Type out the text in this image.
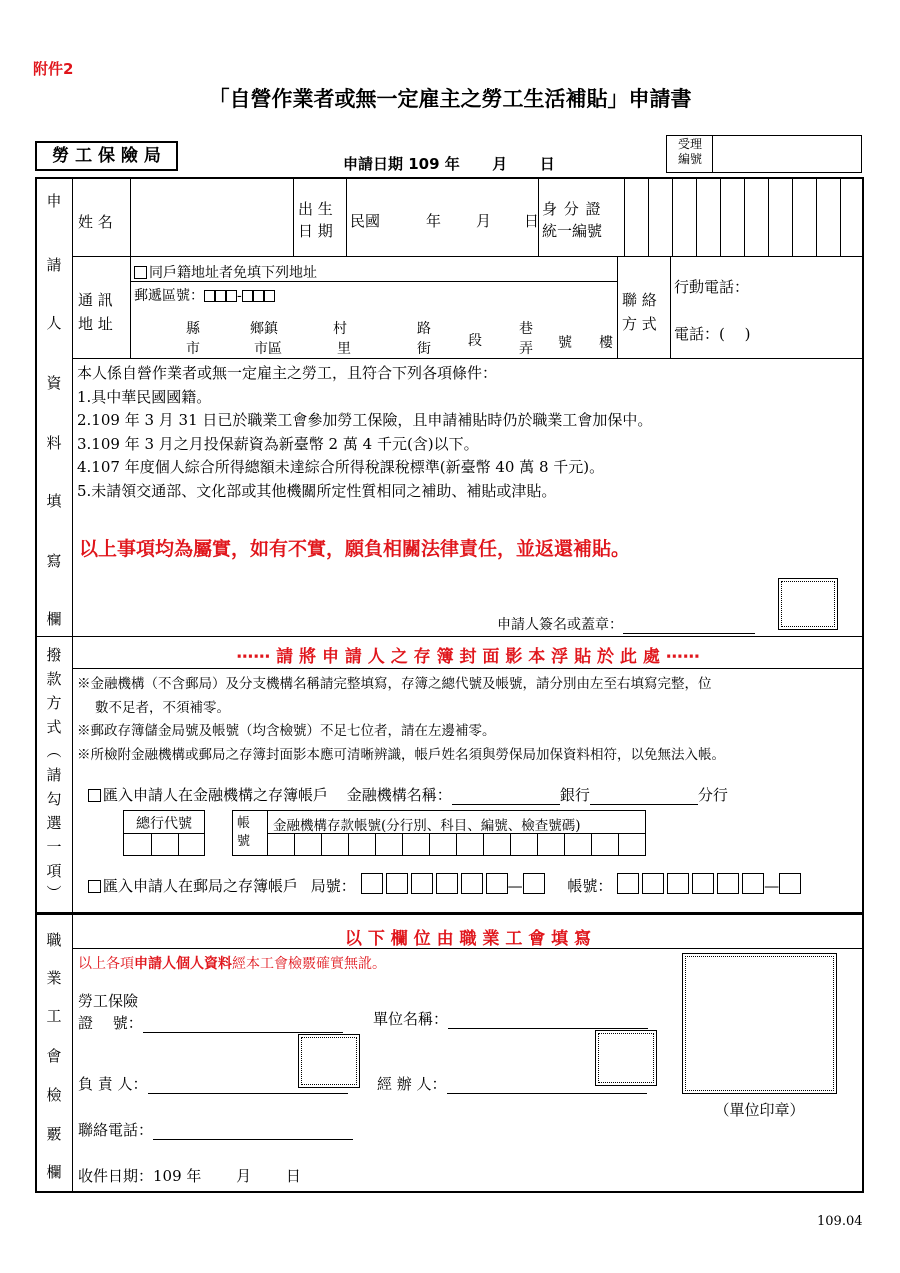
附件2
「自營作業者或無一定雇主之勞工生活補貼」申請書
勞 工 保 險 局	申請日期 109 年 月 日
受理
編號
申
請
人
資
料
填
寫
欄
姓 名
出 生
日 期
民國	年 月 日
身 分 證
統一編號
通 訊
地 址
同戶籍地址者免填下列地址
郵遞區號： -
縣	鄉鎮	村	路	巷
市	市區	里	街	段	弄 號 樓
聯 絡
方 式
行動電話：
電話：(　 )
本人係自營作業者或無一定雇主之勞工，且符合下列各項條件：
1.具中華民國國籍。
2.109 年 3 月 31 日已於職業工會參加勞工保險，且申請補貼時仍於職業工會加保中。
3.109 年 3 月之月投保薪資為新臺幣 2 萬 4 千元(含)以下。
4.107 年度個人綜合所得總額未達綜合所得稅課稅標準(新臺幣 40 萬 8 千元)。
5.未請領交通部、文化部或其他機關所定性質相同之補助、補貼或津貼。
以上事項均為屬實，如有不實，願負相關法律責任，並返還補貼。
申請人簽名或蓋章：
撥
款
方
式
︵
請
勾
選
一
項
︶
⋯⋯ 請 將 申 請 人 之 存 簿 封 面 影 本 浮 貼 於 此 處 ⋯⋯
※金融機構（不含郵局）及分支機構名稱請完整填寫，存簿之總代號及帳號，請分別由左至右填寫完整，位
數不足者，不須補零。
※郵政存簿儲金局號及帳號（均含檢號）不足七位者，請在左邊補零。
※所檢附金融機構或郵局之存簿封面影本應可清晰辨識，帳戶姓名須與勞保局加保資料相符，以免無法入帳。
匯入申請人在金融機構之存簿帳戶 金融機構名稱：	銀行	分行
總行代號	帳
號
金融機構存款帳號(分行別、科目、編號、檢查號碼)
匯入申請人在郵局之存簿帳戶 局號：	—	帳號：	—
職
業
工
會
檢
覈
欄
以 下 欄 位 由 職 業 工 會 填 寫
以上各項申請人個人資料經本工會檢覈確實無訛。
勞工保險
證　 號：	單位名稱：
負 責 人：	經 辦 人：
聯絡電話：
收件日期：109 年　　 月　　 日
（單位印章）
109.04
